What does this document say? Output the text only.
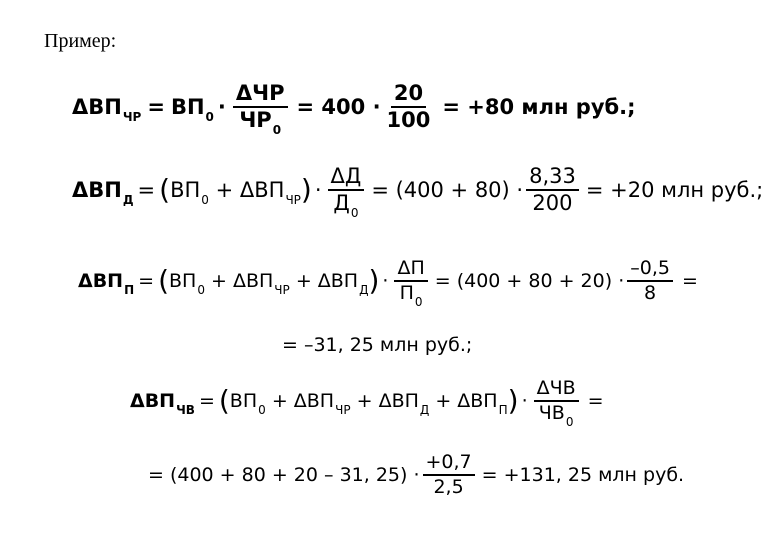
Пример:
$\Delta ВП_{ЧР} = ВП_0 \cdot \frac{\text{ΔЧР}}{ЧР_0} = 400 \cdot \frac{20}{100} = +80$ млн руб.;
$\Delta ВП_Д$ = ( $ВП_0 + \Delta ВП_{ЧР}$ ) · $\frac{\Delta Д}{Д_0} = (400 + 80) \cdot \frac{8,33}{200} = +20$ млн руб.;
$\Delta ВП_П$ = ( $ВП_0 + \Delta ВП_{ЧР} + \Delta ВП_Д$ ) · $\frac{\Delta П}{П_0} = (400 + 80 + 20) \cdot \frac{-0,5}{8}$ =
= –31, 25 млн руб.;
$\Delta ВП_{ЧВ}$ = ( $ВП_0 + \Delta ВП_{ЧР} + \Delta ВП_Д + \Delta ВП_П$ ) · $\frac{\text{ΔЧВ}}{ЧВ_0}$ =
= (400 + 80 + 20 – 31, $25) \cdot \frac{+0,7}{2,5} = +131$, 25 млн руб.
